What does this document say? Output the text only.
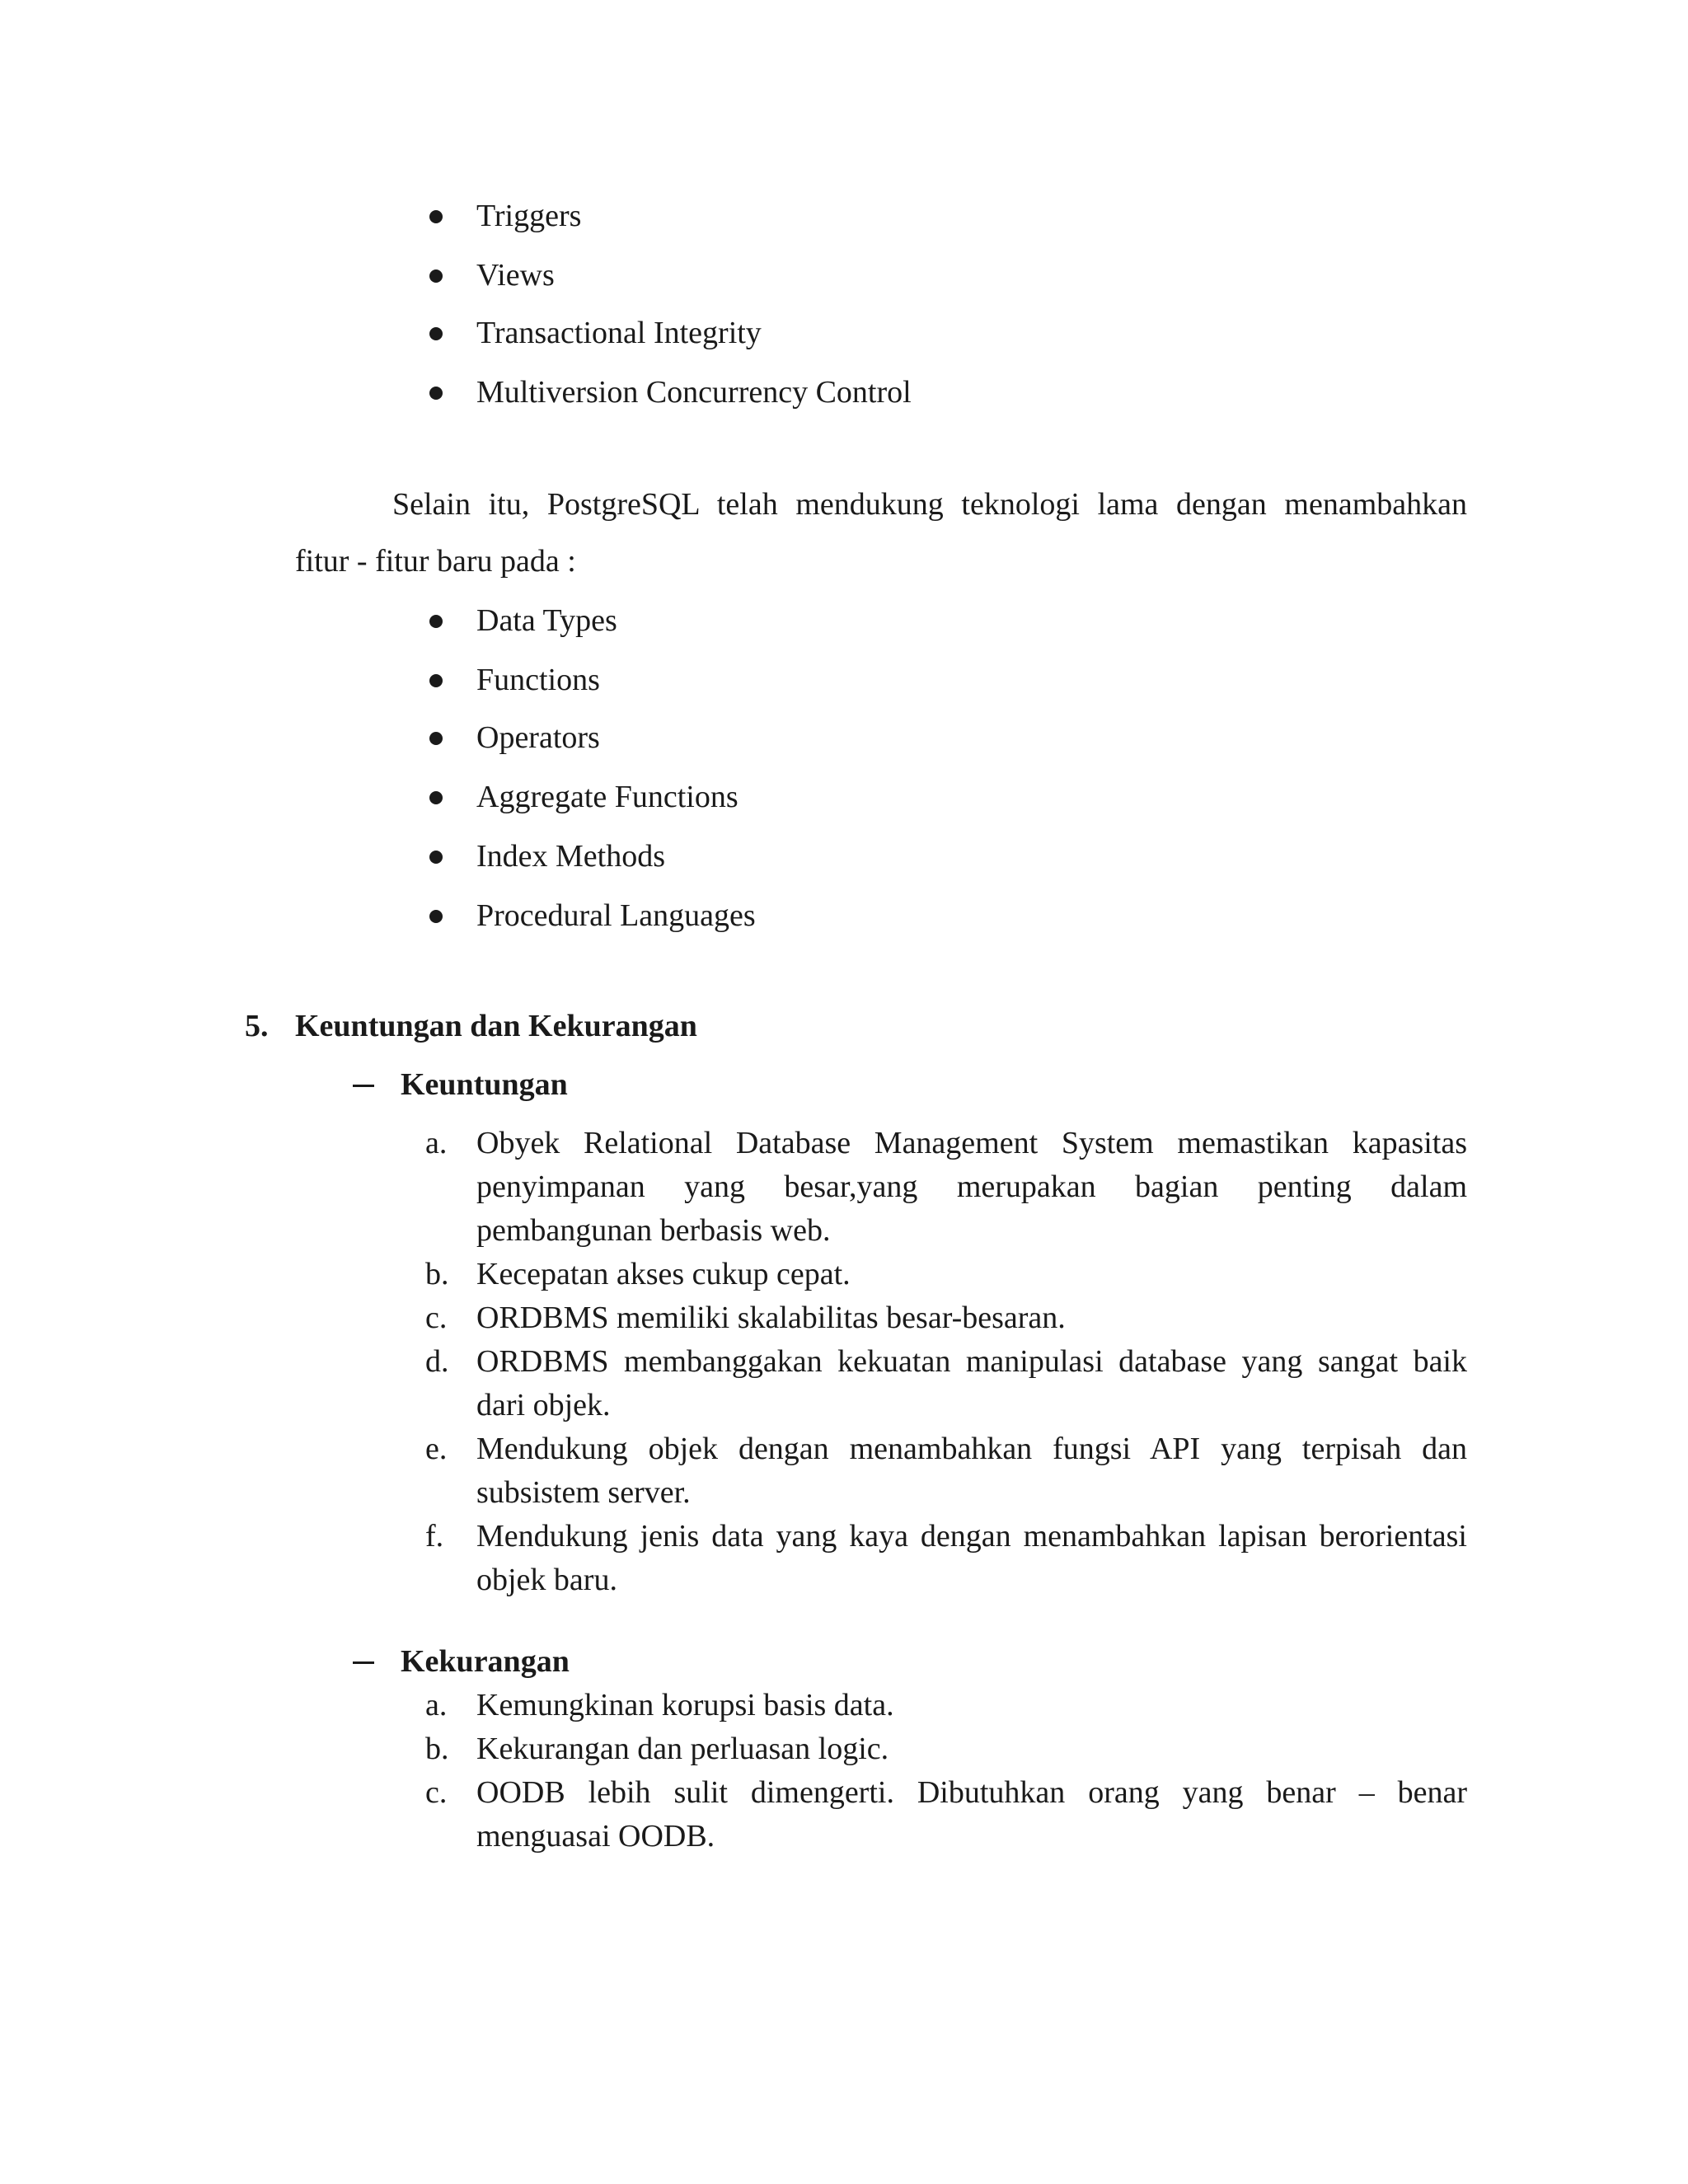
Triggers
Views
Transactional Integrity
Multiversion Concurrency Control
Selain itu, PostgreSQL telah mendukung teknologi lama dengan menambahkan
fitur - fitur baru pada :
Data Types
Functions
Operators
Aggregate Functions
Index Methods
Procedural Languages
5. Keuntungan dan Kekurangan
Keuntungan
a. Obyek Relational Database Management System memastikan kapasitas
penyimpanan yang besar,yang merupakan bagian penting dalam
pembangunan berbasis web.
b. Kecepatan akses cukup cepat.
c. ORDBMS memiliki skalabilitas besar-besaran.
d. ORDBMS membanggakan kekuatan manipulasi database yang sangat baik
dari objek.
e. Mendukung objek dengan menambahkan fungsi API yang terpisah dan
subsistem server.
f. Mendukung jenis data yang kaya dengan menambahkan lapisan berorientasi
objek baru.
Kekurangan
a. Kemungkinan korupsi basis data.
b. Kekurangan dan perluasan logic.
c. OODB lebih sulit dimengerti. Dibutuhkan orang yang benar – benar
menguasai OODB.
